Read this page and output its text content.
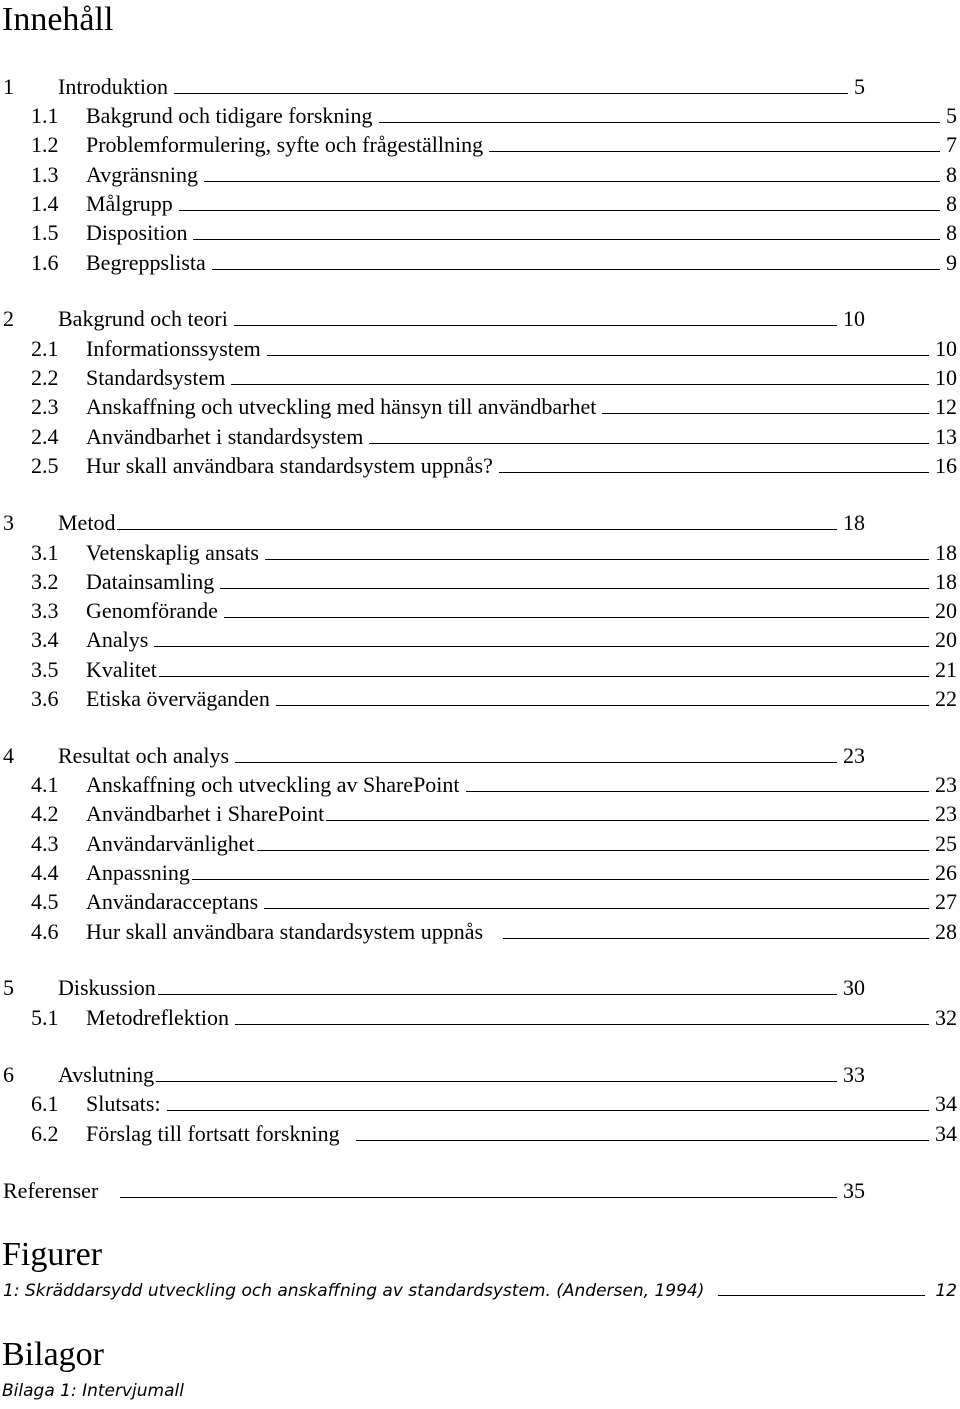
Innehåll
1	Introduktion	5
1.1	Bakgrund och tidigare forskning	5
1.2	Problemformulering, syfte och frågeställning	7
1.3	Avgränsning	8
1.4	Målgrupp	8
1.5	Disposition	8
1.6	Begreppslista	9
2	Bakgrund och teori	10
2.1	Informationssystem	10
2.2	Standardsystem	10
2.3	Anskaffning och utveckling med hänsyn till användbarhet	12
2.4	Användbarhet i standardsystem	13
2.5	Hur skall användbara standardsystem uppnås?	16
3	Metod	18
3.1	Vetenskaplig ansats	18
3.2	Datainsamling	18
3.3	Genomförande	20
3.4	Analys	20
3.5	Kvalitet	21
3.6	Etiska överväganden	22
4	Resultat och analys	23
4.1	Anskaffning och utveckling av SharePoint	23
4.2	Användbarhet i SharePoint	23
4.3	Användarvänlighet	25
4.4	Anpassning	26
4.5	Användaracceptans	27
4.6	Hur skall användbara standardsystem uppnås	28
5	Diskussion	30
5.1	Metodreflektion	32
6	Avslutning	33
6.1	Slutsats:	34
6.2	Förslag till fortsatt forskning	34
Referenser	35
Figurer
1: Skräddarsydd utveckling och anskaffning av standardsystem. (Andersen, 1994)	12
Bilagor
Bilaga 1: Intervjumall
